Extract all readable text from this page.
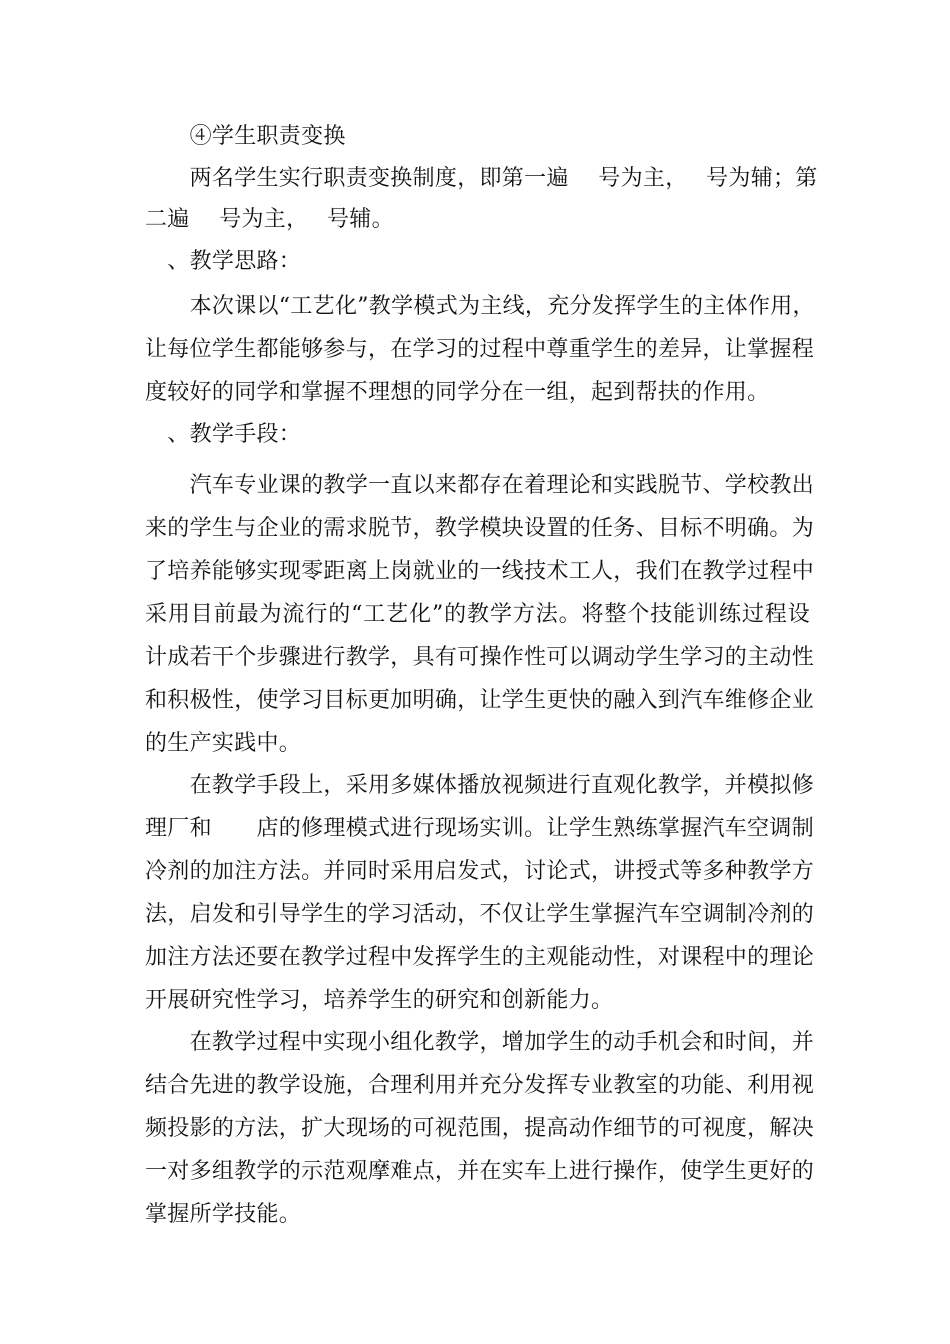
　　④学生职责变换
　　两名学生实行职责变换制度，即第一遍　 号为主，　 号为辅；第
二遍　 号为主，　 号辅。
　、教学思路：
　　本次课以“工艺化”教学模式为主线，充分发挥学生的主体作用，
让每位学生都能够参与，在学习的过程中尊重学生的差异，让掌握程
度较好的同学和掌握不理想的同学分在一组，起到帮扶的作用。
　、教学手段：
　　汽车专业课的教学一直以来都存在着理论和实践脱节、学校教出
来的学生与企业的需求脱节，教学模块设置的任务、目标不明确。为
了培养能够实现零距离上岗就业的一线技术工人，我们在教学过程中
采用目前最为流行的“工艺化”的教学方法。将整个技能训练过程设
计成若干个步骤进行教学，具有可操作性可以调动学生学习的主动性
和积极性，使学习目标更加明确，让学生更快的融入到汽车维修企业
的生产实践中。
　　在教学手段上，采用多媒体播放视频进行直观化教学，并模拟修
理厂和　　店的修理模式进行现场实训。让学生熟练掌握汽车空调制
冷剂的加注方法。并同时采用启发式，讨论式，讲授式等多种教学方
法，启发和引导学生的学习活动，不仅让学生掌握汽车空调制冷剂的
加注方法还要在教学过程中发挥学生的主观能动性，对课程中的理论
开展研究性学习，培养学生的研究和创新能力。
　　在教学过程中实现小组化教学，增加学生的动手机会和时间，并
结合先进的教学设施，合理利用并充分发挥专业教室的功能、利用视
频投影的方法，扩大现场的可视范围，提高动作细节的可视度，解决
一对多组教学的示范观摩难点，并在实车上进行操作，使学生更好的
掌握所学技能。
